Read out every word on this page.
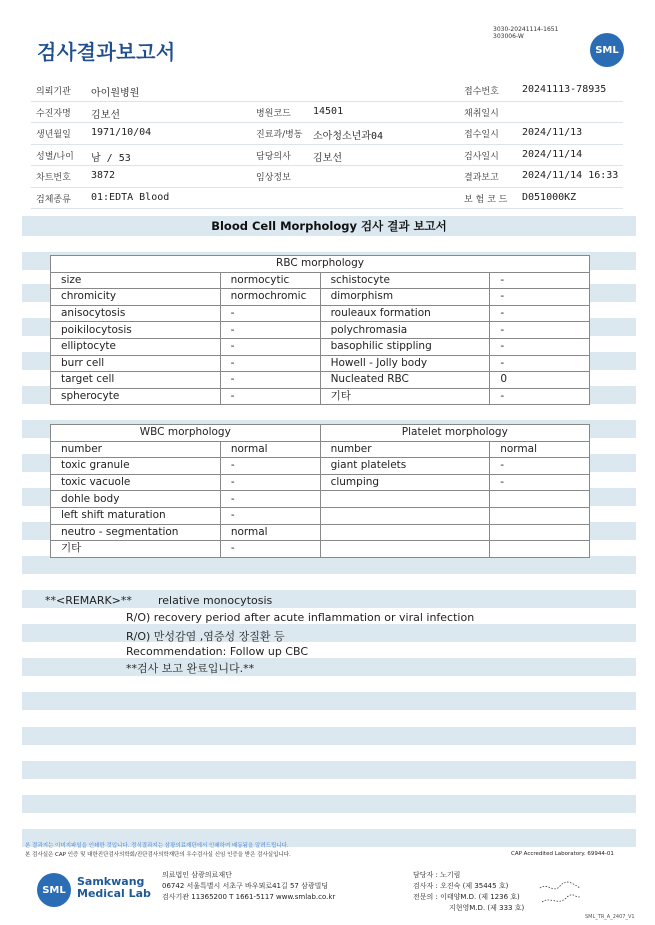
검사결과보고서
3030-20241114-1651
303006-W
SML
의뢰기관 아이원병원	접수번호 20241113-78935
수진자명 김보선	병원코드 14501	채취일시
생년월일 1971/10/04	진료과/병동 소아청소년과04	접수일시 2024/11/13
성별/나이 남 / 53	담당의사 김보선	검사일시 2024/11/14
차트번호 3872	임상정보	결과보고 2024/11/14 16:33
검체종류 01:EDTA Blood	보 험 코 드 D051000KZ
Blood Cell Morphology 검사 결과 보고서
RBC morphology			
size	normocytic	schistocyte	-
chromicity	normochromic	dimorphism	-
anisocytosis	-	rouleaux formation	-
poikilocytosis	-	polychromasia	-
elliptocyte	-	basophilic stippling	-
burr cell	-	Howell - Jolly body	-
target cell	-	Nucleated RBC	0
spherocyte	-	기타	-
WBC morphology		Platelet morphology	
number	normal	number	normal
toxic granule	-	giant platelets	-
toxic vacuole	-	clumping	-
dohle body	-		
left shift maturation	-		
neutro - segmentation	normal		
기타	-		
**<REMARK>** relative monocytosis
R/O) recovery period after acute inflammation or viral infection
R/O) 만성감염 ,염증성 장질환 등
Recommendation: Follow up CBC
**검사 보고 완료입니다.**
본 결과지는 이미지파일을 인쇄한 것입니다. 정식결과지는 삼광의료재단에서 인쇄하여 배동됨을 알려드립니다.
본 검사실은 CAP 인증 및 대한진단검사의학회/진단검사의학재단의 우수검사실 신임 인증을 받은 검사실입니다.	CAP Accredited Laboratory. 69944-01
SML
Samkwang
Medical Lab
의료법인 삼광의료재단
06742 서울특별시 서초구 바우뫼로41길 57 삼광빌딩
검사기관 11365200 T 1661-5117 www.smlab.co.kr
담당자 : 노기림
검사자 : 오진숙 (제 35445 호)
전문의 : 이태양M.D. (제 1236 호)
지현영M.D. (제 333 호)
SML_TR_A_2407_V1
